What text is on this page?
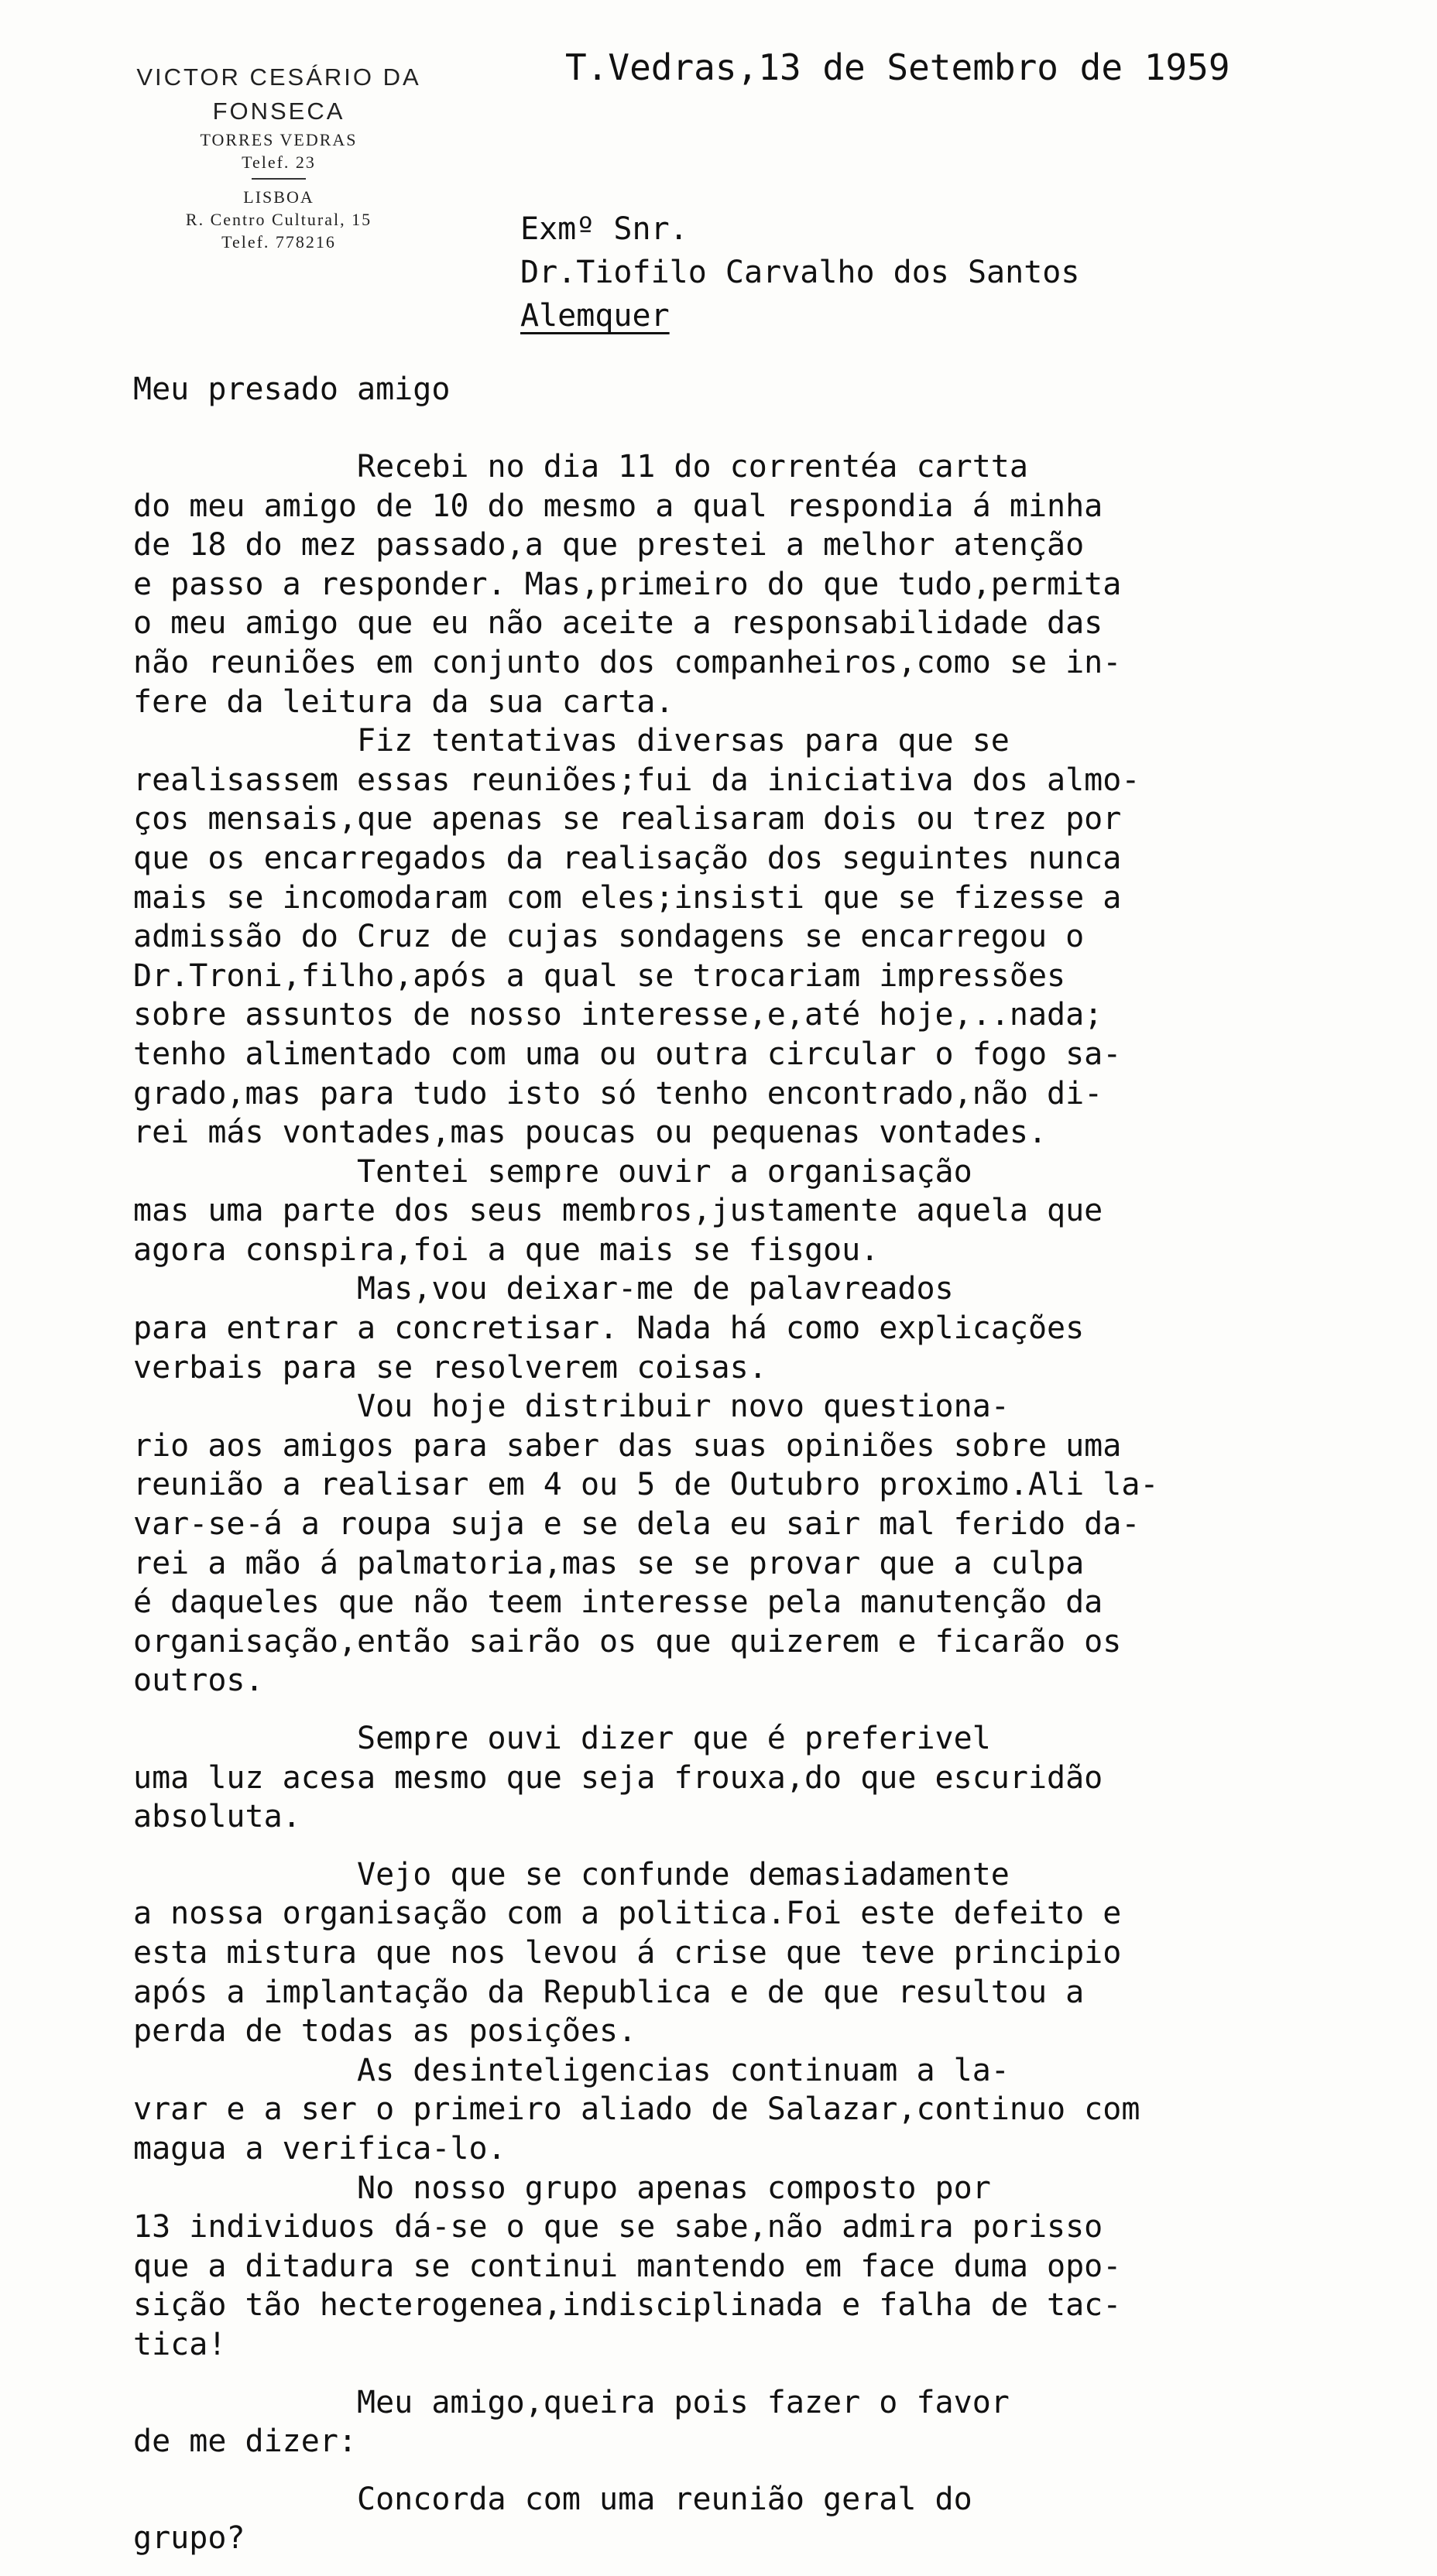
VICTOR CESÁRIO DA FONSECA
TORRES VEDRAS
Telef. 23
LISBOA
R. Centro Cultural, 15
Telef. 778216
T.Vedras,13 de Setembro de 1959
Exmº Snr.
Dr.Tiofilo Carvalho dos Santos
Alemquer
Meu presado amigo
Recebi no dia 11 do correntéa cartta
do meu amigo de 10 do mesmo a qual respondia á minha
de 18 do mez passado,a que prestei a melhor atenção
e passo a responder. Mas,primeiro do que tudo,permita
o meu amigo que eu não aceite a responsabilidade das
não reuniões em conjunto dos companheiros,como se in-
fere da leitura da sua carta.
Fiz tentativas diversas para que se
realisassem essas reuniões;fui da iniciativa dos almo-
ços mensais,que apenas se realisaram dois ou trez por
que os encarregados da realisação dos seguintes nunca
mais se incomodaram com eles;insisti que se fizesse a
admissão do Cruz de cujas sondagens se encarregou o
Dr.Troni,filho,após a qual se trocariam impressões
sobre assuntos de nosso interesse,e,até hoje,..nada;
tenho alimentado com uma ou outra circular o fogo sa-
grado,mas para tudo isto só tenho encontrado,não di-
rei más vontades,mas poucas ou pequenas vontades.
Tentei sempre ouvir a organisação
mas uma parte dos seus membros,justamente aquela que
agora conspira,foi a que mais se fisgou.
Mas,vou deixar-me de palavreados
para entrar a concretisar. Nada há como explicações
verbais para se resolverem coisas.
Vou hoje distribuir novo questiona-
rio aos amigos para saber das suas opiniões sobre uma
reunião a realisar em 4 ou 5 de Outubro proximo.Ali la-
var-se-á a roupa suja e se dela eu sair mal ferido da-
rei a mão á palmatoria,mas se se provar que a culpa
é daqueles que não teem interesse pela manutenção da
organisação,então sairão os que quizerem e ficarão os
outros.
Sempre ouvi dizer que é preferivel
uma luz acesa mesmo que seja frouxa,do que escuridão
absoluta.
Vejo que se confunde demasiadamente
a nossa organisação com a politica.Foi este defeito e
esta mistura que nos levou á crise que teve principio
após a implantação da Republica e de que resultou a
perda de todas as posições.
As desinteligencias continuam a la-
vrar e a ser o primeiro aliado de Salazar,continuo com
magua a verifica-lo.
No nosso grupo apenas composto por
13 individuos dá-se o que se sabe,não admira porisso
que a ditadura se continui mantendo em face duma opo-
sição tão hecterogenea,indisciplinada e falha de tac-
tica!
Meu amigo,queira pois fazer o favor
de me dizer:
Concorda com uma reunião geral do
grupo?
